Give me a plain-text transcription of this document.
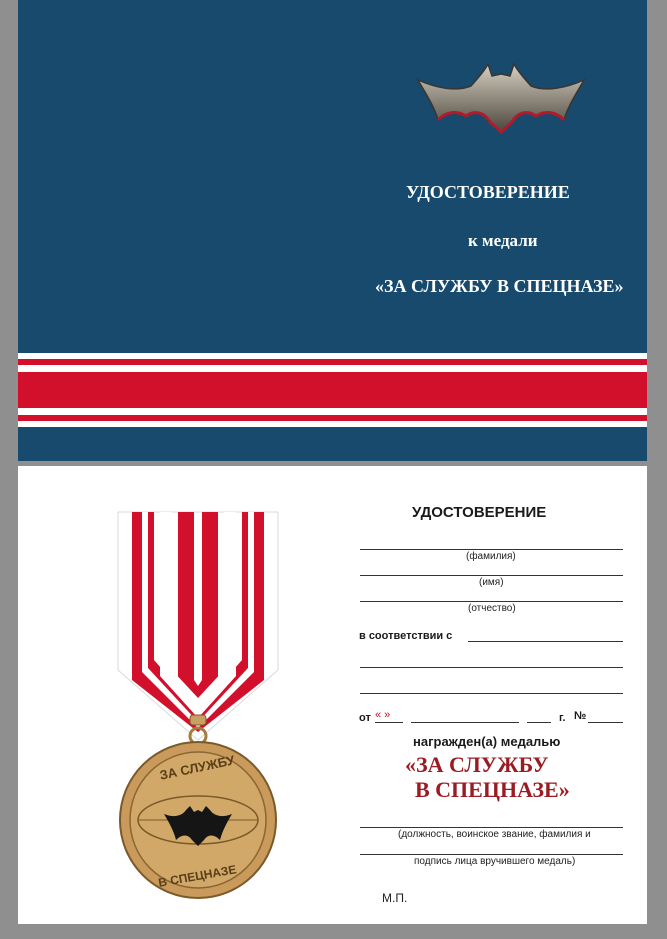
УДОСТОВЕРЕНИЕ
к медали
«ЗА СЛУЖБУ В СПЕЦНАЗЕ»
ЗА СЛУЖБУ
В СПЕЦНАЗЕ
УДОСТОВЕРЕНИЕ
(фамилия)
(имя)
(отчество)
в соответствии с
от « »	г. №
награжден(а) медалью
«ЗА СЛУЖБУ
В СПЕЦНАЗЕ»
(должность, воинское звание, фамилия и
подпись лица вручившего медаль)
М.П.
